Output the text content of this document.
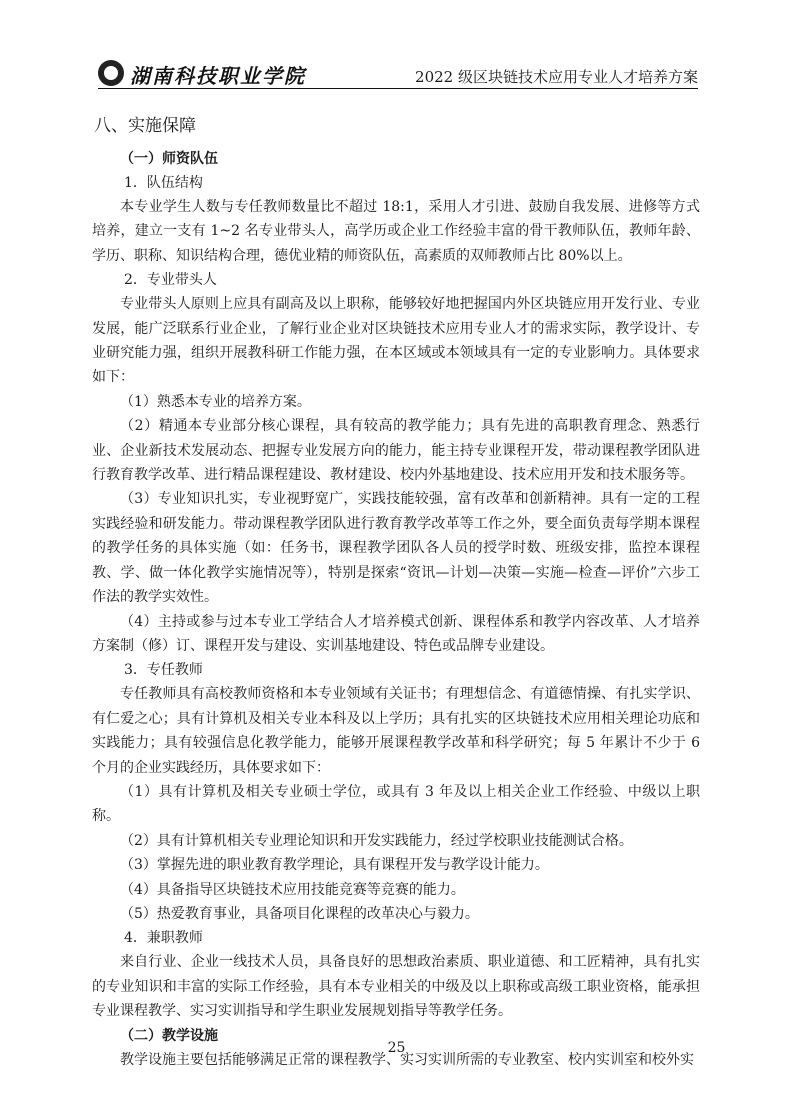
湖南科技职业学院	2022 级区块链技术应用专业人才培养方案
八、实施保障
（一）师资队伍
1．队伍结构

本专业学生人数与专任教师数量比不超过 18:1，采用人才引进、鼓励自我发展、进修等方式培养，建立一支有 1~2 名专业带头人，高学历或企业工作经验丰富的骨干教师队伍，教师年龄、学历、职称、知识结构合理，德优业精的师资队伍，高素质的双师教师占比 80%以上。

2．专业带头人

专业带头人原则上应具有副高及以上职称，能够较好地把握国内外区块链应用开发行业、专业发展，能广泛联系行业企业，了解行业企业对区块链技术应用专业人才的需求实际，教学设计、专业研究能力强，组织开展教科研工作能力强，在本区域或本领域具有一定的专业影响力。具体要求如下：

（1）熟悉本专业的培养方案。

（2）精通本专业部分核心课程，具有较高的教学能力；具有先进的高职教育理念、熟悉行业、企业新技术发展动态、把握专业发展方向的能力，能主持专业课程开发，带动课程教学团队进行教育教学改革、进行精品课程建设、教材建设、校内外基地建设、技术应用开发和技术服务等。

（3）专业知识扎实，专业视野宽广，实践技能较强，富有改革和创新精神。具有一定的工程实践经验和研发能力。带动课程教学团队进行教育教学改革等工作之外，要全面负责每学期本课程的教学任务的具体实施（如：任务书，课程教学团队各人员的授学时数、班级安排，监控本课程教、学、做一体化教学实施情况等），特别是探索“资讯—计划—决策—实施—检查—评价”六步工作法的教学实效性。

（4）主持或参与过本专业工学结合人才培养模式创新、课程体系和教学内容改革、人才培养方案制（修）订、课程开发与建设、实训基地建设、特色或品牌专业建设。

3．专任教师

专任教师具有高校教师资格和本专业领域有关证书；有理想信念、有道德情操、有扎实学识、有仁爱之心；具有计算机及相关专业本科及以上学历；具有扎实的区块链技术应用相关理论功底和实践能力；具有较强信息化教学能力，能够开展课程教学改革和科学研究；每 5 年累计不少于 6 个月的企业实践经历，具体要求如下：

（1）具有计算机及相关专业硕士学位，或具有 3 年及以上相关企业工作经验、中级以上职称。

（2）具有计算机相关专业理论知识和开发实践能力，经过学校职业技能测试合格。

（3）掌握先进的职业教育教学理论，具有课程开发与教学设计能力。

（4）具备指导区块链技术应用技能竞赛等竞赛的能力。

（5）热爱教育事业，具备项目化课程的改革决心与毅力。

4．兼职教师

来自行业、企业一线技术人员，具备良好的思想政治素质、职业道德、和工匠精神，具有扎实的专业知识和丰富的实际工作经验，具有本专业相关的中级及以上职称或高级工职业资格，能承担专业课程教学、实习实训指导和学生职业发展规划指导等教学任务。

（二）教学设施

教学设施主要包括能够满足正常的课程教学、实习实训所需的专业教室、校内实训室和校外实

25
